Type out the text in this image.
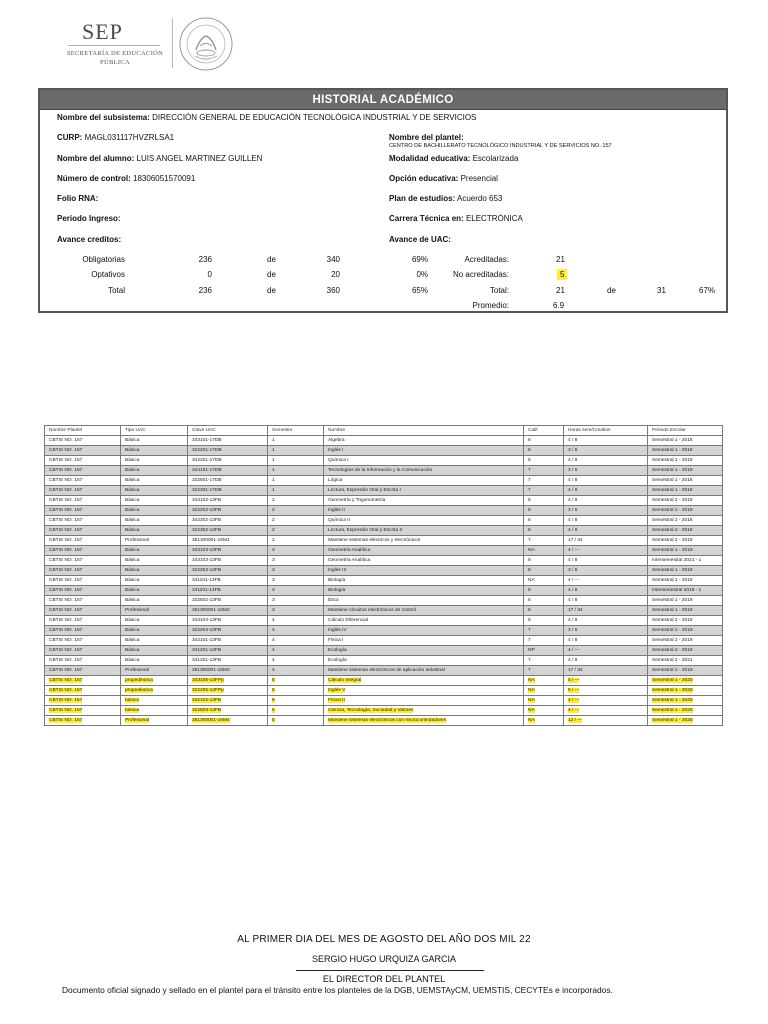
SEP
SECRETARÍA DE EDUCACIÓN PÚBLICA
HISTORIAL ACADÉMICO
Nombre del subsistema: DIRECCIÓN GENERAL DE EDUCACIÓN TECNOLÓGICA INDUSTRIAL Y DE SERVICIOS
CURP: MAGL031117HVZRLSA1	Nombre del plantel:
CENTRO DE BACHILLERATO TECNOLÓGICO INDUSTRIAL Y DE SERVICIOS NO. 157
Nombre del alumno: LUIS ANGEL MARTINEZ GUILLEN	Modalidad educativa: Escolarizada
Número de control: 18306051570091	Opción educativa: Presencial
Folio RNA:	Plan de estudios: Acuerdo 653
Periodo Ingreso:	Carrera Técnica en: ELECTRÓNICA
Avance creditos:	Avance de UAC:
Obligatorias	236	de	340	69%
Optativos	0	de	20	0%
Total	236	de	360	65%
Acreditadas:	21
No acreditadas:	5
Total:	21	de	31	67%
Promedio:	6.9
Nombre Plantel	Tipo UAC	Clave UAC	Semestre	Nombre	Calif	Horas sem/Creditos	Periodo Escolar
CBTIS NO. 157	Básica	343101-17DB	1	Algebra	6	4 / 8	Semestral 1 - 2018
CBTIS NO. 157	Básica	322201-17DB	1	Inglés I	6	3 / 6	Semestral 1 - 2018
CBTIS NO. 157	Básica	342201-17DB	1	Química I	6	4 / 8	Semestral 1 - 2018
CBTIS NO. 157	Básica	344101-17DB	1	Tecnologías de la Información y la Comunicación	7	3 / 6	Semestral 1 - 2018
CBTIS NO. 157	Básica	322501-17DB	1	Lógica	7	4 / 8	Semestral 1 - 2018
CBTIS NO. 157	Básica	322301-17DB	1	Lectura, Expresión Oral y Escrita I	7	4 / 8	Semestral 1 - 2018
CBTIS NO. 157	Básica	343102-13FB	2	Geometría y Trigonometría	6	4 / 8	Semestral 2 - 2018
CBTIS NO. 157	Básica	322202-13FB	2	Inglés II	6	3 / 6	Semestral 2 - 2018
CBTIS NO. 157	Básica	342202-13FB	2	Química II	6	4 / 8	Semestral 2 - 2018
CBTIS NO. 157	Básica	322302-13FB	2	Lectura, Expresión Oral y Escrita II	6	4 / 8	Semestral 2 - 2018
CBTIS NO. 157	Profesional	351300001-16M1	2	Mantiene sistemas eléctricos y electrónicos	7	17 / 34	Semestral 2 - 2018
CBTIS NO. 157	Básica	343103-13FB	3	Geometría Analítica	NA	4 / ---	Semestral 1 - 2019
CBTIS NO. 157	Básica	343103-13FB	3	Geometría Analítica	9	4 / 8	Intersemestral 2021 - 1
CBTIS NO. 157	Básica	322203-13FB	3	Inglés III	8	3 / 6	Semestral 1 - 2019
CBTIS NO. 157	Básica	341101-13FB	3	Biología	NA	4 / ---	Semestral 1 - 2019
CBTIS NO. 157	Básica	341101-13FB	3	Biología	6	4 / 8	Intersemestral 2019 - 1
CBTIS NO. 157	Básica	322502-13FB	3	Ética	8	4 / 8	Semestral 1 - 2019
CBTIS NO. 157	Profesional	351300001-16M2	3	Mantiene circuitos electrónicos de control	6	17 / 34	Semestral 1 - 2019
CBTIS NO. 157	Básica	343104-13FB	4	Cálculo Diferencial	9	4 / 8	Semestral 2 - 2019
CBTIS NO. 157	Básica	322204-13FB	4	Inglés IV	7	3 / 6	Semestral 2 - 2019
CBTIS NO. 157	Básica	342101-13FB	4	Física I	7	4 / 8	Semestral 2 - 2019
CBTIS NO. 157	Básica	341201-13FB	4	Ecología	NP	4 / ---	Semestral 2 - 2019
CBTIS NO. 157	Básica	341201-13FB	4	Ecología	7	4 / 8	Semestral 2 - 2021
CBTIS NO. 157	Profesional	351300001-16M3	4	Mantiene sistemas electrónicos de aplicación industrial	7	17 / 34	Semestral 2 - 2019
CBTIS NO. 157	propedéutica	343105-13FPp	5	Cálculo Integral	NA	5 / ---	Semestral 1 - 2020
CBTIS NO. 157	propedéutica	322205-13FPp	5	Inglés V	NA	5 / ---	Semestral 1 - 2020
CBTIS NO. 157	básica	342102-13FB	5	Física II	NA	4 / ---	Semestral 1 - 2020
CBTIS NO. 157	básica	322503-13FB	5	Ciencia, Tecnología, Sociedad y Valores	NA	4 / ---	Semestral 1 - 2020
CBTIS NO. 157	Profesional	351300001-16M4	5	Mantiene sistemas electrónicos con microcontroladores	NA	12 / ---	Semestral 1 - 2020
AL PRIMER DIA DEL MES DE AGOSTO DEL AÑO DOS MIL 22
SERGIO HUGO URQUIZA GARCIA
EL DIRECTOR DEL PLANTEL
Documento oficial signado y sellado en el plantel para el tránsito entre los planteles de la DGB, UEMSTAyCM, UEMSTIS, CECYTEs e incorporados.
